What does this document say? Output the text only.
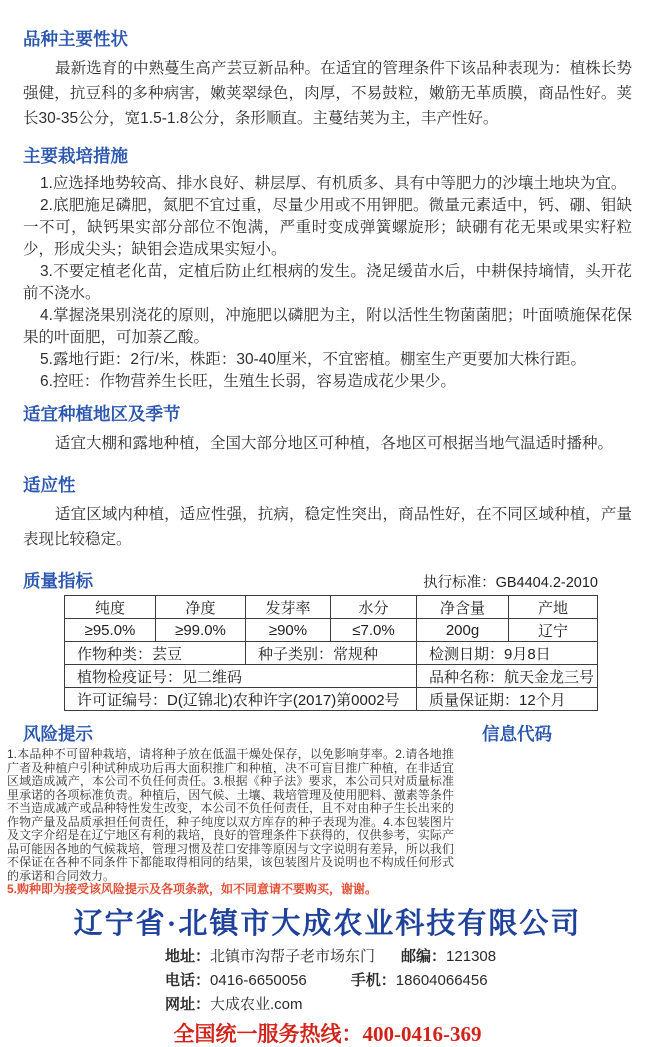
品种主要性状

最新选育的中熟蔓生高产芸豆新品种。在适宜的管理条件下该品种表现为：植株长势强健，抗豆科的多种病害，嫩荚翠绿色，肉厚，不易鼓粒，嫩筋无革质膜，商品性好。荚长30-35公分，宽1.5-1.8公分，条形顺直。主蔓结荚为主，丰产性好。

主要栽培措施

1.应选择地势较高、排水良好、耕层厚、有机质多、具有中等肥力的沙壤土地块为宜。

2.底肥施足磷肥，氮肥不宜过重，尽量少用或不用钾肥。微量元素适中，钙、硼、钼缺一不可，缺钙果实部分部位不饱满，严重时变成弹簧螺旋形；缺硼有花无果或果实籽粒少，形成尖头；缺钼会造成果实短小。

3.不要定植老化苗，定植后防止红根病的发生。浇足缓苗水后，中耕保持墒情，头开花前不浇水。

4.掌握浇果别浇花的原则，冲施肥以磷肥为主，附以活性生物菌菌肥；叶面喷施保花保果的叶面肥，可加萘乙酸。

5.露地行距：2行/米，株距：30-40厘米，不宜密植。棚室生产更要加大株行距。

6.控旺：作物营养生长旺，生殖生长弱，容易造成花少果少。

适宜种植地区及季节

适宜大棚和露地种植，全国大部分地区可种植，各地区可根据当地气温适时播种。

适应性

适宜区域内种植，适应性强，抗病，稳定性突出，商品性好，在不同区域种植，产量表现比较稳定。

质量指标	执行标准：GB4404.2-2010
纯度	净度	发芽率	水分	净含量	产地
≥95.0%	≥99.0%	≥90%	≤7.0%	200g	辽宁
作物种类：芸豆		种子类别：常规种		检测日期：9月8日	
植物检疫证号：见二维码				品种名称：航天金龙三号	
许可证编号：D(辽锦北)农种许字(2017)第0002号				质量保证期：12个月	
风险提示	信息代码

1.本品种不可留种栽培，请将种子放在低温干燥处保存，以免影响芽率。2.请各地推广者及种植户引种试种成功后再大面积推广和种植，决不可盲目推广种植，在非适宜区域造成减产，本公司不负任何责任。3.根据《种子法》要求，本公司只对质量标准里承诺的各项标准负责。种植后，因气候、土壤、栽培管理及使用肥料、激素等条件不当造成减产或品种特性发生改变，本公司不负任何责任，且不对由种子生长出来的作物产量及品质承担任何责任，种子纯度以双方库存的种子表现为准。4.本包装图片及文字介绍是在辽宁地区有利的栽培，良好的管理条件下获得的，仅供参考，实际产品可能因各地的气候栽培，管理习惯及茬口安排等原因与文字说明有差异，所以我们不保证在各种不同条件下都能取得相同的结果，该包装图片及说明也不构成任何形式的承诺和合同效力。

5.购种即为接受该风险提示及各项条款，如不同意请不要购买，谢谢。

辽宁省·北镇市大成农业科技有限公司
地址：北镇市沟帮子老市场东门 邮编：121308
电话：0416-6650056	手机：18604066456
网址：大成农业.com
全国统一服务热线：400-0416-369
